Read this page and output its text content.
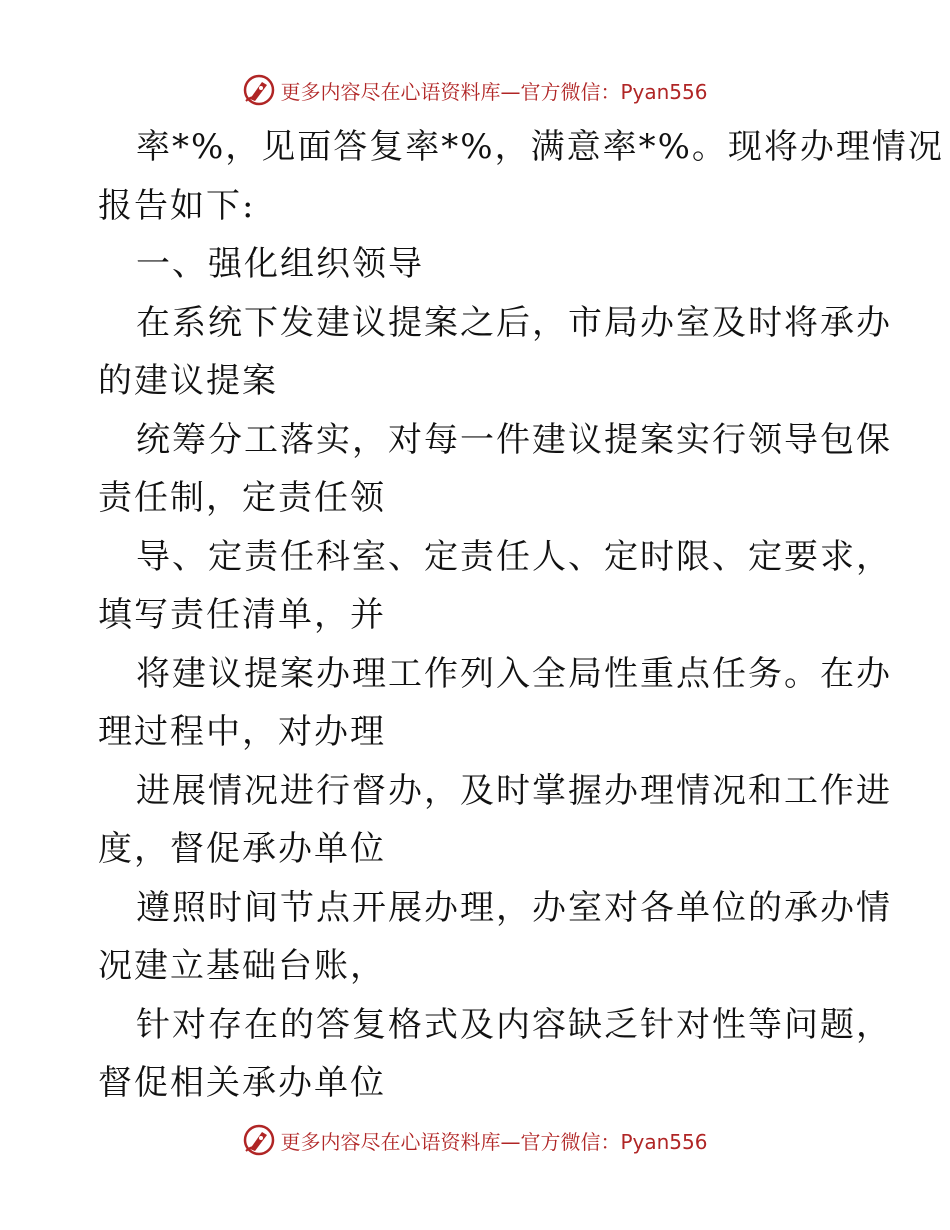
更多内容尽在心语资料库—官方微信：Pyan556
率*%，见面答复率*%，满意率*%。现将办理情况
报告如下:
一、强化组织领导
在系统下发建议提案之后，市局办室及时将承办
的建议提案
统筹分工落实，对每一件建议提案实行领导包保
责任制，定责任领
导、定责任科室、定责任人、定时限、定要求，
填写责任清单，并
将建议提案办理工作列入全局性重点任务。在办
理过程中，对办理
进展情况进行督办，及时掌握办理情况和工作进
度，督促承办单位
遵照时间节点开展办理，办室对各单位的承办情
况建立基础台账，
针对存在的答复格式及内容缺乏针对性等问题，
督促相关承办单位
更多内容尽在心语资料库—官方微信：Pyan556
